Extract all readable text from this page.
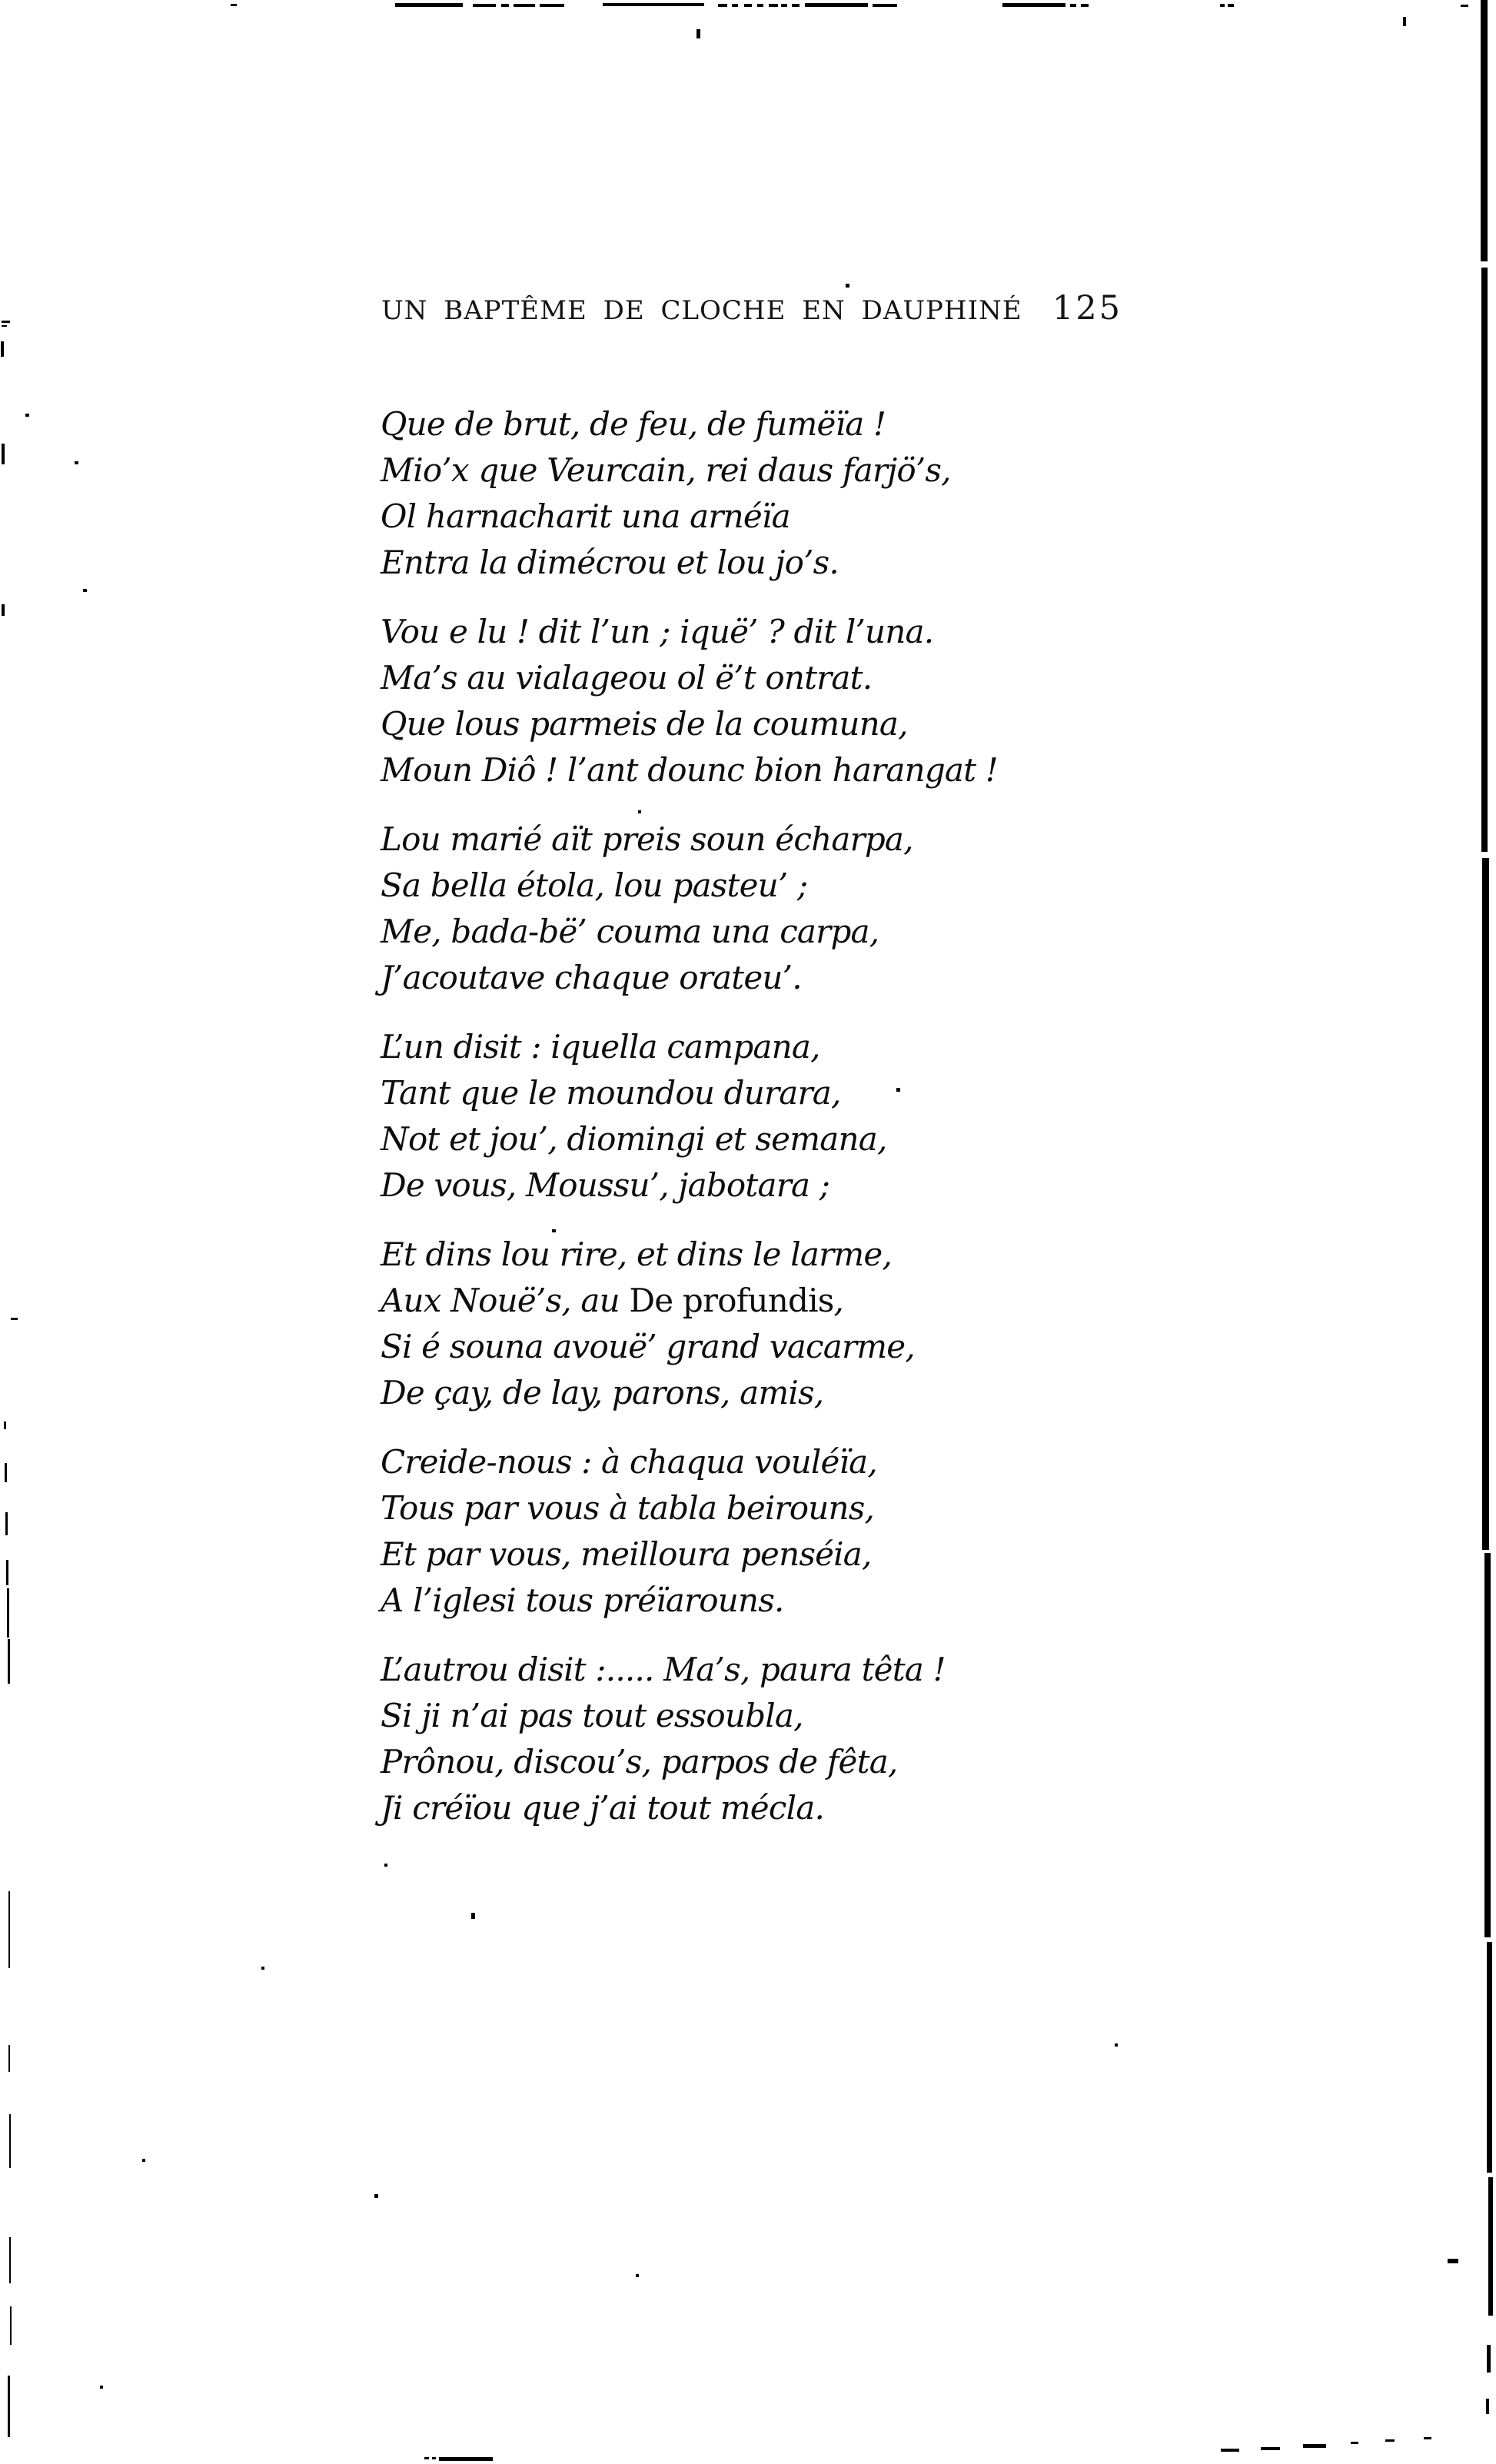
UN BAPTÊME DE CLOCHE EN DAUPHINÉ 125
Que de brut, de feu, de fumëïa !
Mio’x que Veurcain, rei daus farjö’s,
Ol harnacharit una arnéïa
Entra la dimécrou et lou jo’s.
Vou e lu ! dit l’un ; iquë’ ? dit l’una.
Ma’s au vialageou ol ë’t ontrat.
Que lous parmeis de la coumuna,
Moun Diô ! l’ant dounc bion harangat !
Lou marié aït preis soun écharpa,
Sa bella étola, lou pasteu’ ;
Me, bada-bë’ couma una carpa,
J’acoutave chaque orateu’.
L’un disit : iquella campana,
Tant que le moundou durara,
Not et jou’, diomingi et semana,
De vous, Moussu’, jabotara ;
Et dins lou rire, et dins le larme,
Aux Nouë’s, au De profundis,
Si é souna avouë’ grand vacarme,
De çay, de lay, parons, amis,
Creide-nous : à chaqua vouléïa,
Tous par vous à tabla beirouns,
Et par vous, meilloura penséia,
A l’iglesi tous préïarouns.
L’autrou disit :..... Ma’s, paura têta !
Si ji n’ai pas tout essoubla,
Prônou, discou’s, parpos de fêta,
Ji créïou que j’ai tout mécla.
